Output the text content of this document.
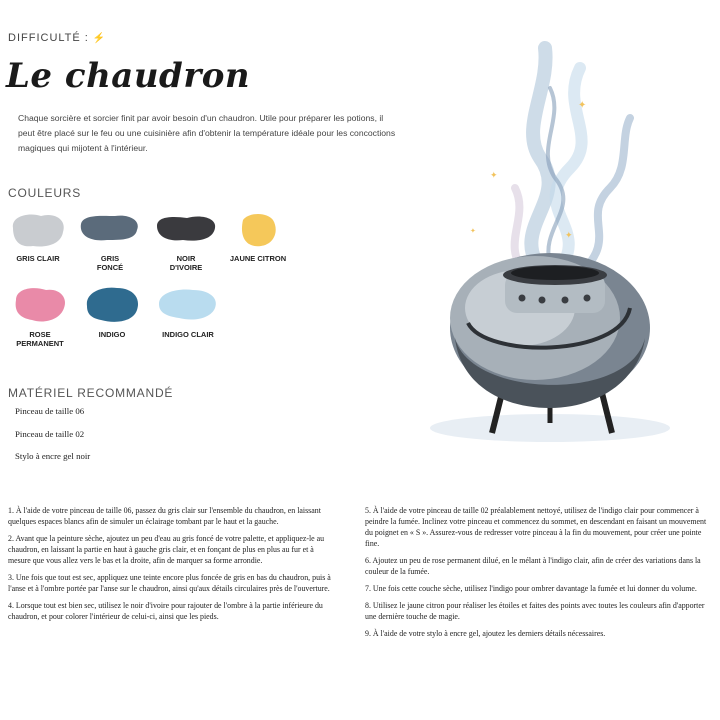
DIFFICULTÉ : ⚡
Le chaudron
Chaque sorcière et sorcier finit par avoir besoin d'un chaudron. Utile pour préparer les potions, il peut être placé sur le feu ou une cuisinière afin d'obtenir la température idéale pour les concoctions magiques qui mijotent à l'intérieur.
COULEURS
GRIS CLAIR	GRIS
FONCÉ
NOIR
D'IVOIRE
JAUNE CITRON
ROSE
PERMANENT
INDIGO	INDIGO CLAIR
MATÉRIEL RECOMMANDÉ
Pinceau de taille 06
Pinceau de taille 02
Stylo à encre gel noir
✦
✦
✦
✦

1. À l'aide de votre pinceau de taille 06, passez du gris clair sur l'ensemble du chaudron, en laissant quelques espaces blancs afin de simuler un éclairage tombant par le haut et la gauche.

2. Avant que la peinture sèche, ajoutez un peu d'eau au gris foncé de votre palette, et appliquez-le au chaudron, en laissant la partie en haut à gauche gris clair, et en fonçant de plus en plus au fur et à mesure que vous allez vers le bas et la droite, afin de marquer sa forme arrondie.

3. Une fois que tout est sec, appliquez une teinte encore plus foncée de gris en bas du chaudron, puis à l'anse et à l'ombre portée par l'anse sur le chaudron, ainsi qu'aux détails circulaires près de l'ouverture.

4. Lorsque tout est bien sec, utilisez le noir d'ivoire pour rajouter de l'ombre à la partie inférieure du chaudron, et pour colorer l'intérieur de celui-ci, ainsi que les pieds.

5. À l'aide de votre pinceau de taille 02 préalablement nettoyé, utilisez de l'indigo clair pour commencer à peindre la fumée. Inclinez votre pinceau et commencez du sommet, en descendant en faisant un mouvement du poignet en « S ». Assurez-vous de redresser votre pinceau à la fin du mouvement, pour créer une pointe fine.

6. Ajoutez un peu de rose permanent dilué, en le mélant à l'indigo clair, afin de créer des variations dans la couleur de la fumée.

7. Une fois cette couche sèche, utilisez l'indigo pour ombrer davantage la fumée et lui donner du volume.

8. Utilisez le jaune citron pour réaliser les étoiles et faites des points avec toutes les couleurs afin d'apporter une dernière touche de magie.

9. À l'aide de votre stylo à encre gel, ajoutez les derniers détails nécessaires.
